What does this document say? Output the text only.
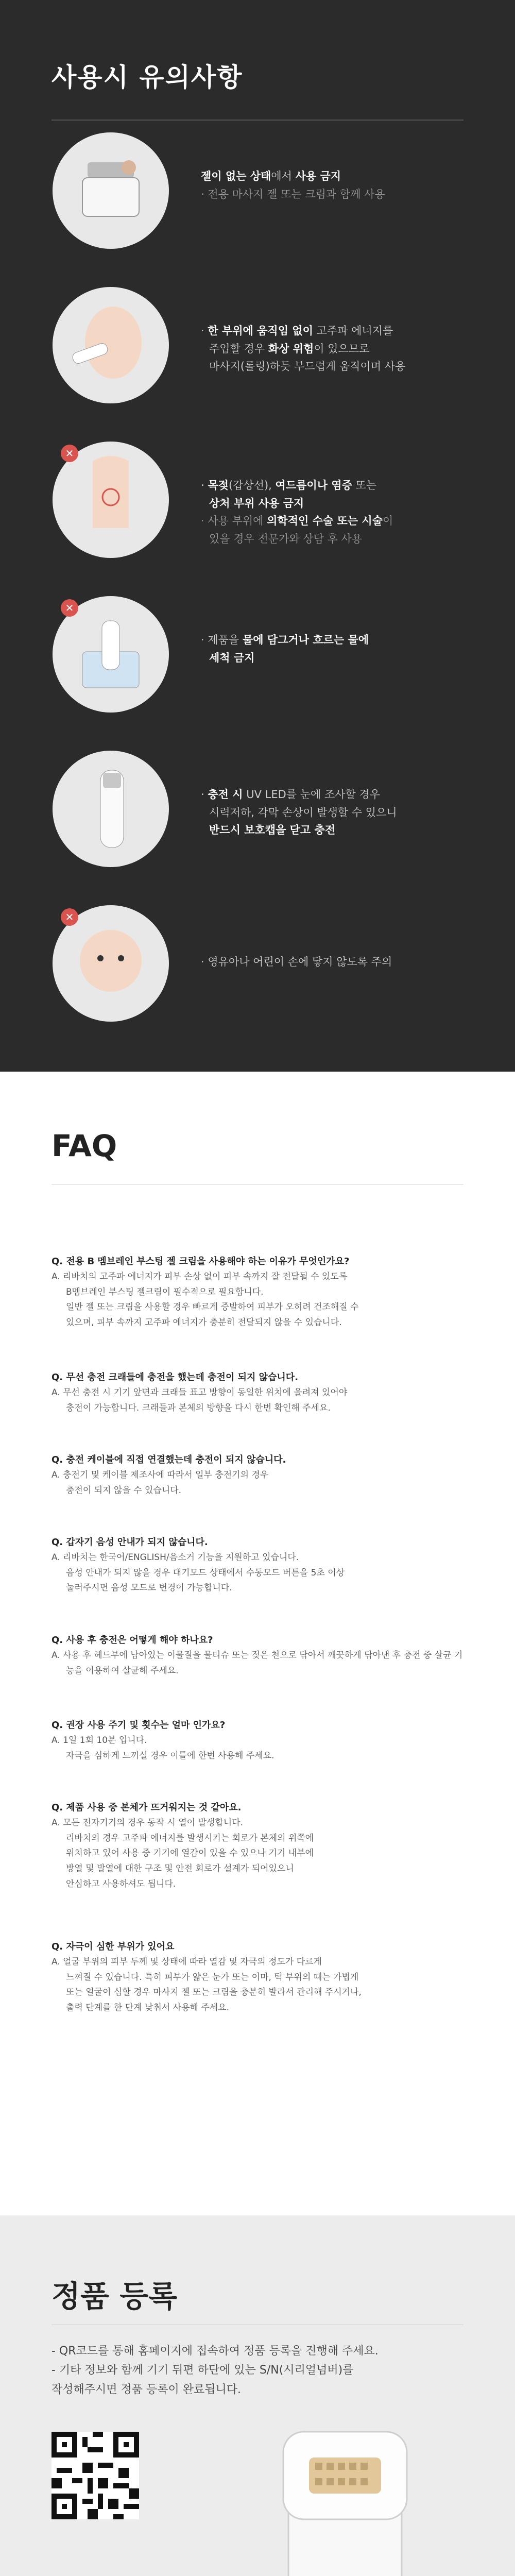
사용시 유의사항
젤이 없는 상태에서 사용 금지
· 전용 마사지 젤 또는 크림과 함께 사용
· 한 부위에 움직임 없이 고주파 에너지를
주입할 경우 화상 위험이 있으므로
마사지(롤링)하듯 부드럽게 움직이며 사용
✕
· 목젖(갑상선), 여드름이나 염증 또는
상처 부위 사용 금지
· 사용 부위에 의학적인 수술 또는 시술이
있을 경우 전문가와 상담 후 사용
✕
· 제품을 물에 담그거나 흐르는 물에
세척 금지
· 충전 시 UV LED를 눈에 조사할 경우
시력저하, 각막 손상이 발생할 수 있으니
반드시 보호캡을 닫고 충전
✕
· 영유아나 어린이 손에 닿지 않도록 주의
FAQ
Q. 전용 B 멤브레인 부스팅 젤 크림을 사용해야 하는 이유가 무엇인가요?
A. 리바치의 고주파 에너지가 피부 손상 없이 피부 속까지 잘 전달될 수 있도록
B멤브레인 부스팅 젤크림이 필수적으로 필요합니다.
일반 젤 또는 크림을 사용할 경우 빠르게 증발하여 피부가 오히려 건조해질 수
있으며, 피부 속까지 고주파 에너지가 충분히 전달되지 않을 수 있습니다.
Q. 무선 충전 크래들에 충전을 했는데 충전이 되지 않습니다.
A. 무선 충전 시 기기 앞면과 크래들 표고 방향이 동일한 위치에 올려져 있어야
충전이 가능합니다. 크래들과 본체의 방향을 다시 한번 확인해 주세요.
Q. 충전 케이블에 직접 연결했는데 충전이 되지 않습니다.
A. 충전기 및 케이블 제조사에 따라서 일부 충전기의 경우
충전이 되지 않을 수 있습니다.
Q. 갑자기 음성 안내가 되지 않습니다.
A. 리바치는 한국어/ENGLISH/음소거 기능을 지원하고 있습니다.
음성 안내가 되지 않을 경우 대기모드 상태에서 수동모드 버튼을 5초 이상
눌러주시면 음성 모드로 변경이 가능합니다.
Q. 사용 후 충전은 어떻게 해야 하나요?
A. 사용 후 헤드부에 남아있는 이물질을 물티슈 또는 젖은 천으로 닦아서 깨끗하게 닦아낸 후 충전 중 살균 기능을 이용하여 살균해 주세요.
Q. 권장 사용 주기 및 횟수는 얼마 인가요?
A. 1일 1회 10분 입니다.
자극을 심하게 느끼실 경우 이틀에 한번 사용해 주세요.
Q. 제품 사용 중 본체가 뜨거워지는 것 같아요.
A. 모든 전자기기의 경우 동작 시 열이 발생합니다.
리바치의 경우 고주파 에너지를 발생시키는 회로가 본체의 위쪽에
위치하고 있어 사용 중 기기에 열감이 있을 수 있으나 기기 내부에
방열 및 발열에 대한 구조 및 안전 회로가 설계가 되어있으니
안심하고 사용하셔도 됩니다.
Q. 자극이 심한 부위가 있어요
A. 얼굴 부위의 피부 두께 및 상태에 따라 열감 및 자극의 정도가 다르게
느껴질 수 있습니다. 특히 피부가 얇은 눈가 또는 이마, 턱 부위의 때는 가볍게
또는 얼굴이 심할 경우 마사지 젤 또는 크림을 충분히 발라서 관리해 주시거나,
출력 단계를 한 단계 낮춰서 사용해 주세요.
정품 등록
- QR코드를 통해 홈페이지에 접속하여 정품 등록을 진행해 주세요.
- 기타 정보와 함께 기기 뒤편 하단에 있는 S/N(시리얼넘버)를
작성해주시면 정품 등록이 완료됩니다.
